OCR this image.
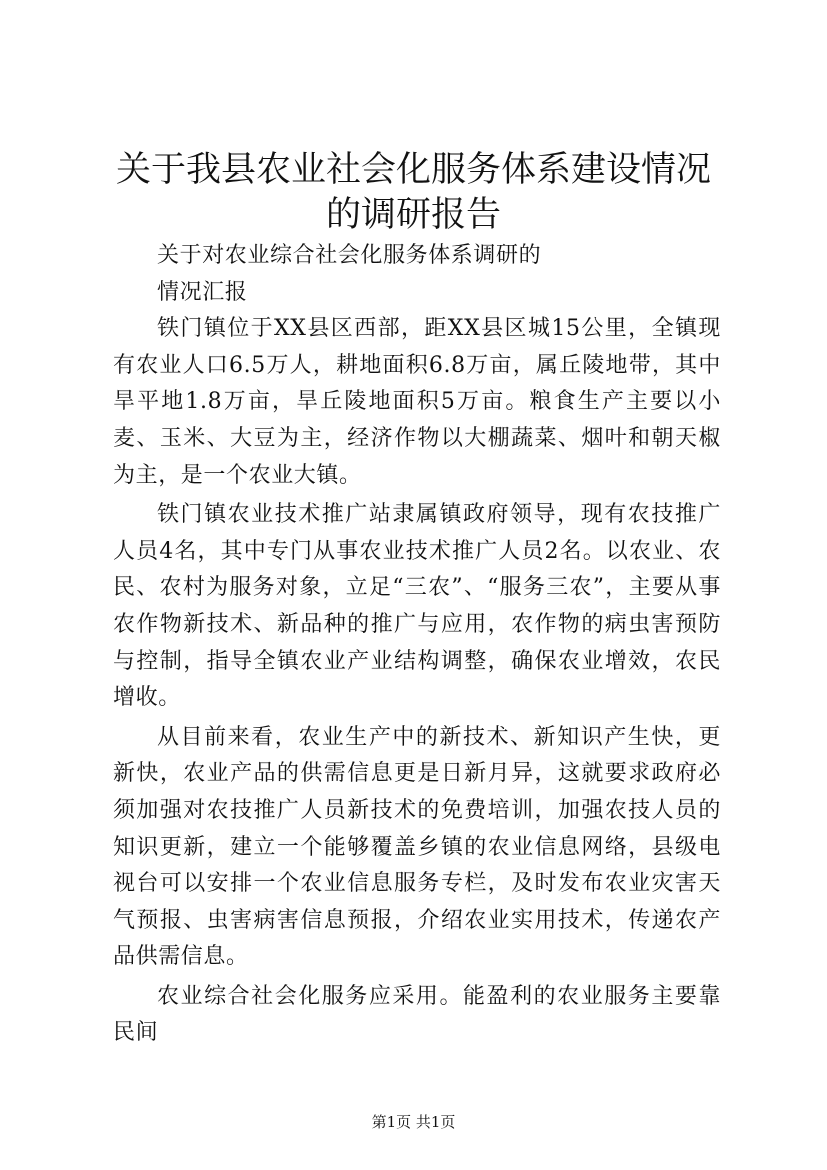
关于我县农业社会化服务体系建设情况的调研报告

关于对农业综合社会化服务体系调研的

情况汇报

铁门镇位于XX县区西部，距XX县区城15公里，全镇现有农业人口6.5万人，耕地面积6.8万亩，属丘陵地带，其中旱平地1.8万亩，旱丘陵地面积5万亩。粮食生产主要以小麦、玉米、大豆为主，经济作物以大棚蔬菜、烟叶和朝天椒为主，是一个农业大镇。

铁门镇农业技术推广站隶属镇政府领导，现有农技推广人员4名，其中专门从事农业技术推广人员2名。以农业、农民、农村为服务对象，立足“三农”、“服务三农”，主要从事农作物新技术、新品种的推广与应用，农作物的病虫害预防与控制，指导全镇农业产业结构调整，确保农业增效，农民增收。

从目前来看，农业生产中的新技术、新知识产生快，更新快，农业产品的供需信息更是日新月异，这就要求政府必须加强对农技推广人员新技术的免费培训，加强农技人员的知识更新，建立一个能够覆盖乡镇的农业信息网络，县级电视台可以安排一个农业信息服务专栏，及时发布农业灾害天气预报、虫害病害信息预报，介绍农业实用技术，传递农产品供需信息。

农业综合社会化服务应采用。能盈利的农业服务主要靠民间

第1页 共1页
